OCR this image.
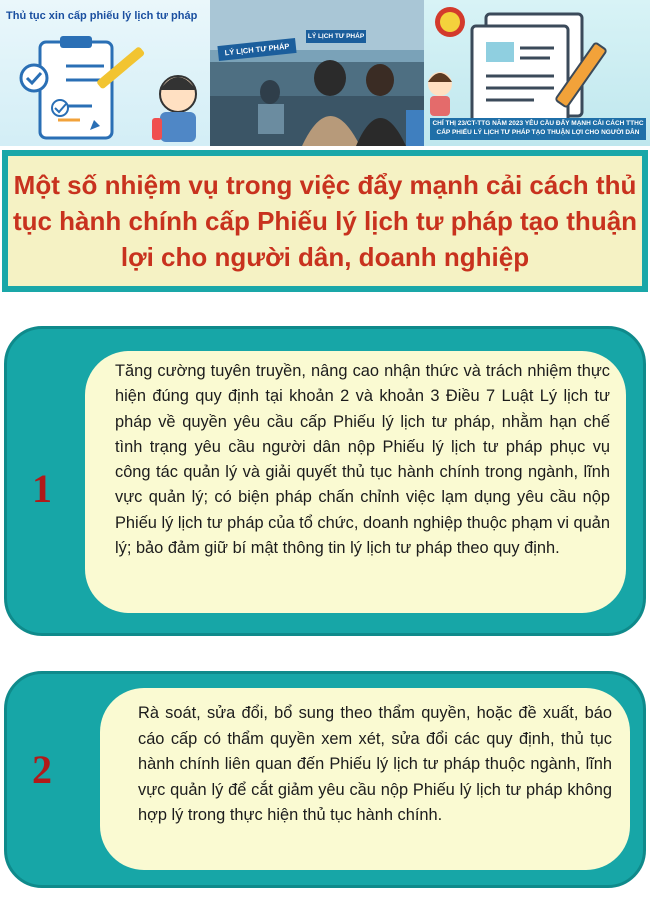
Thủ tục xin cấp phiếu lý lịch tư pháp
LÝ LỊCH TƯ PHÁP
LÝ LỊCH TƯ PHÁP
CHỈ THỊ 23/CT-TTG NĂM 2023 YÊU CẦU ĐẨY MẠNH CẢI CÁCH TTHC CẤP PHIẾU LÝ LỊCH TƯ PHÁP TẠO THUẬN LỢI CHO NGƯỜI DÂN
Một số nhiệm vụ trong việc đẩy mạnh cải cách thủ tục hành chính cấp Phiếu lý lịch tư pháp tạo thuận lợi cho người dân, doanh nghiệp
1

Tăng cường tuyên truyền, nâng cao nhận thức và trách nhiệm thực hiện đúng quy định tại khoản 2 và khoản 3 Điều 7 Luật Lý lịch tư pháp về quyền yêu cầu cấp Phiếu lý lịch tư pháp, nhằm hạn chế tình trạng yêu cầu người dân nộp Phiếu lý lịch tư pháp phục vụ công tác quản lý và giải quyết thủ tục hành chính trong ngành, lĩnh vực quản lý; có biện pháp chấn chỉnh việc lạm dụng yêu cầu nộp Phiếu lý lịch tư pháp của tổ chức, doanh nghiệp thuộc phạm vi quản lý; bảo đảm giữ bí mật thông tin lý lịch tư pháp theo quy định.

2

Rà soát, sửa đổi, bổ sung theo thẩm quyền, hoặc đề xuất, báo cáo cấp có thẩm quyền xem xét, sửa đổi các quy định, thủ tục hành chính liên quan đến Phiếu lý lịch tư pháp thuộc ngành, lĩnh vực quản lý để cắt giảm yêu cầu nộp Phiếu lý lịch tư pháp không hợp lý trong thực hiện thủ tục hành chính.
